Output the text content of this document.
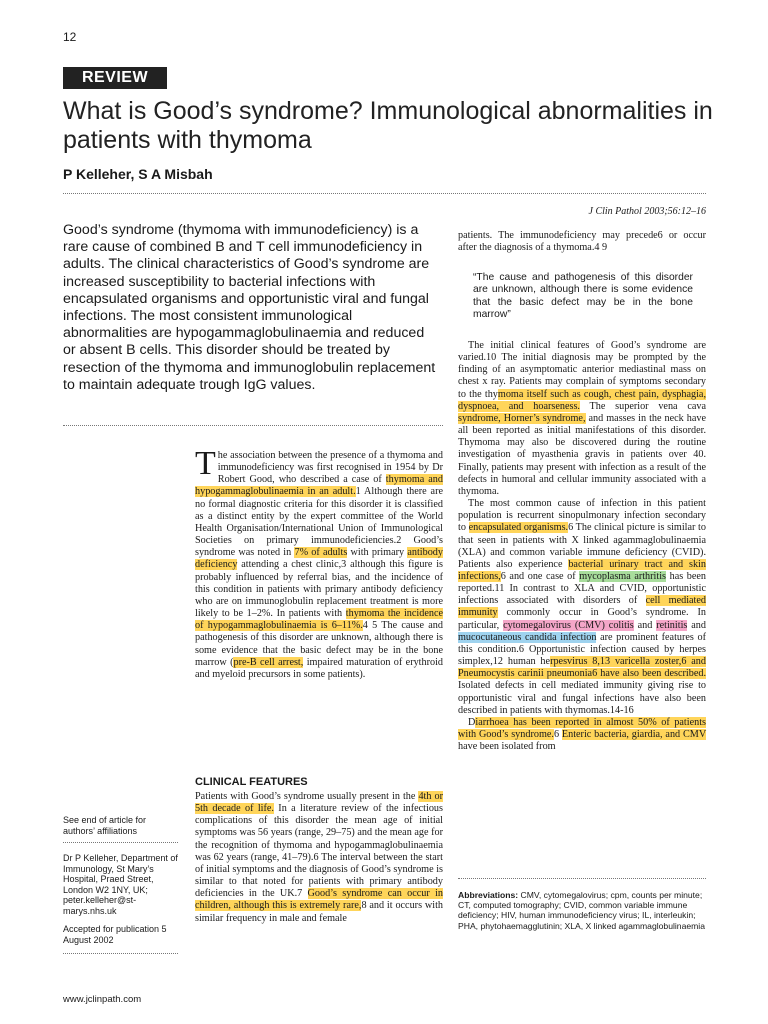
12
REVIEW
What is Good’s syndrome? Immunological abnormalities in patients with thymoma
P Kelleher, S A Misbah
J Clin Pathol 2003;56:12–16
Good’s syndrome (thymoma with immunodeficiency) is a rare cause of combined B and T cell immunodeficiency in adults. The clinical characteristics of Good’s syndrome are increased susceptibility to bacterial infections with encapsulated organisms and opportunistic viral and fungal infections. The most consistent immunological abnormalities are hypogammaglobulinaemia and reduced or absent B cells. This disorder should be treated by resection of the thymoma and immunoglobulin replacement to maintain adequate trough IgG values.

The association between the presence of a thymoma and immunodeficiency was first recognised in 1954 by Dr Robert Good, who described a case of thymoma and hypogammaglobulinaemia in an adult.1 Although there are no formal diagnostic criteria for this disorder it is classified as a distinct entity by the expert committee of the World Health Organisation/International Union of Immunological Societies on primary immunodeficiencies.2 Good’s syndrome was noted in 7% of adults with primary antibody deficiency attending a chest clinic,3 although this figure is probably influenced by referral bias, and the incidence of this condition in patients with primary antibody deficiency who are on immunoglobulin replacement treatment is more likely to be 1–2%. In patients with thymoma the incidence of hypogammaglobulinaemia is 6–11%.4 5 The cause and pathogenesis of this disorder are unknown, although there is some evidence that the basic defect may be in the bone marrow (pre-B cell arrest, impaired maturation of erythroid and myeloid precursors in some patients).

CLINICAL FEATURES

Patients with Good’s syndrome usually present in the 4th or 5th decade of life. In a literature review of the infectious complications of this disorder the mean age of initial symptoms was 56 years (range, 29–75) and the mean age for the recognition of thymoma and hypogammaglobulinaemia was 62 years (range, 41–79).6 The interval between the start of initial symptoms and the diagnosis of Good’s syndrome is similar to that noted for patients with primary antibody deficiencies in the UK.7 Good’s syndrome can occur in children, although this is extremely rare,8 and it occurs with similar frequency in male and female

patients. The immunodeficiency may precede6 or occur after the diagnosis of a thymoma.4 9

“The cause and pathogenesis of this disorder are unknown, although there is some evidence that the basic defect may be in the bone marrow”

The initial clinical features of Good’s syndrome are varied.10 The initial diagnosis may be prompted by the finding of an asymptomatic anterior mediastinal mass on chest x ray. Patients may complain of symptoms secondary to the thymoma itself such as cough, chest pain, dysphagia, dyspnoea, and hoarseness. The superior vena cava syndrome, Horner’s syndrome, and masses in the neck have all been reported as initial manifestations of this disorder. Thymoma may also be discovered during the routine investigation of myasthenia gravis in patients over 40. Finally, patients may present with infection as a result of the defects in humoral and cellular immunity associated with a thymoma.

The most common cause of infection in this patient population is recurrent sinopulmonary infection secondary to encapsulated organisms.6 The clinical picture is similar to that seen in patients with X linked agammaglobulinaemia (XLA) and common variable immune deficiency (CVID). Patients also experience bacterial urinary tract and skin infections,6 and one case of mycoplasma arthritis has been reported.11 In contrast to XLA and CVID, opportunistic infections associated with disorders of cell mediated immunity commonly occur in Good’s syndrome. In particular, cytomegalovirus (CMV) colitis and retinitis and mucocutaneous candida infection are prominent features of this condition.6 Opportunistic infection caused by herpes simplex,12 human herpesvirus 8,13 varicella zoster,6 and Pneumocystis carinii pneumonia6 have also been described. Isolated defects in cell mediated immunity giving rise to opportunistic viral and fungal infections have also been described in patients with thymomas.14-16

Diarrhoea has been reported in almost 50% of patients with Good’s syndrome.6 Enteric bacteria, giardia, and CMV have been isolated from

Abbreviations: CMV, cytomegalovirus; cpm, counts per minute; CT, computed tomography; CVID, common variable immune deficiency; HIV, human immunodeficiency virus; IL, interleukin; PHA, phytohaemagglutinin; XLA, X linked agammaglobulinaemia
See end of article for authors’ affiliations
Dr P Kelleher, Department of Immunology, St Mary’s Hospital, Praed Street, London W2 1NY, UK; peter.kelleher@st-marys.nhs.uk
Accepted for publication 5 August 2002
www.jclinpath.com
